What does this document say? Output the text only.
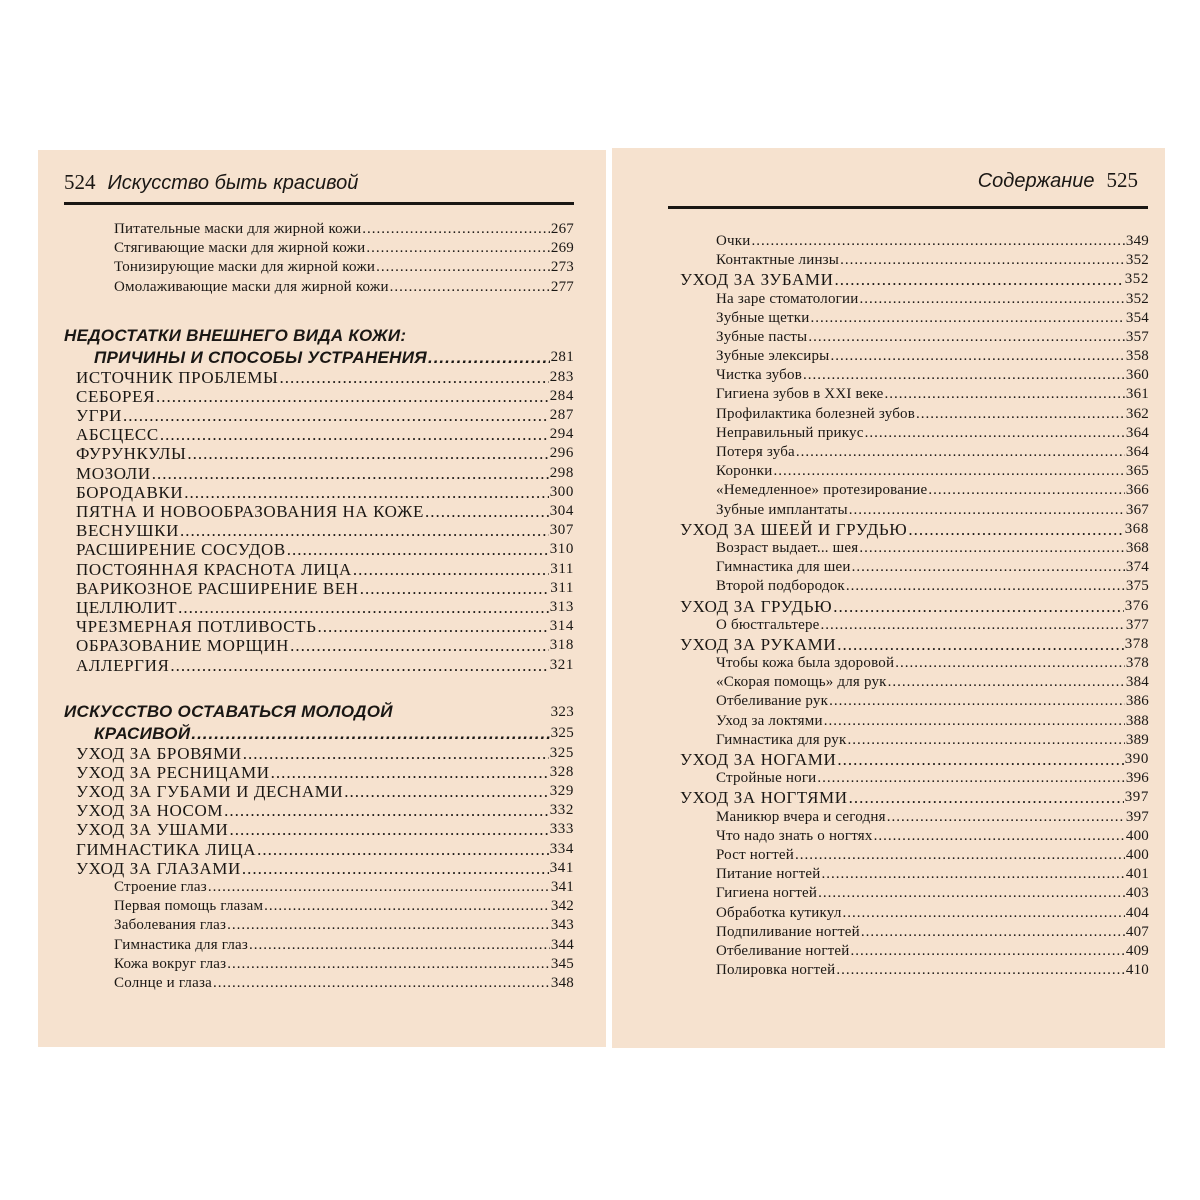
524 Искусство быть красивой
Питательные маски для жирной кожи .....	267
Стягивающие маски для жирной кожи .....	269
Тонизирующие маски для жирной кожи .....	273
Омолаживающие маски для жирной кожи .....	277
НЕДОСТАТКИ ВНЕШНЕГО ВИДА КОЖИ:
ПРИЧИНЫ И СПОСОБЫ УСТРАНЕНИЯ .....	281
ИСТОЧНИК ПРОБЛЕМЫ .....	283
СЕБОРЕЯ .....	284
УГРИ .....	287
АБСЦЕСС .....	294
ФУРУНКУЛЫ .....	296
МОЗОЛИ .....	298
БОРОДАВКИ .....	300
ПЯТНА И НОВООБРАЗОВАНИЯ НА КОЖЕ .....	304
ВЕСНУШКИ .....	307
РАСШИРЕНИЕ СОСУДОВ .....	310
ПОСТОЯННАЯ КРАСНОТА ЛИЦА .....	311
ВАРИКОЗНОЕ РАСШИРЕНИЕ ВЕН .....	311
ЦЕЛЛЮЛИТ .....	313
ЧРЕЗМЕРНАЯ ПОТЛИВОСТЬ .....	314
ОБРАЗОВАНИЕ МОРЩИН .....	318
АЛЛЕРГИЯ .....	321
ИСКУССТВО ОСТАВАТЬСЯ МОЛОДОЙ	323
КРАСИВОЙ .....	325
УХОД ЗА БРОВЯМИ .....	325
УХОД ЗА РЕСНИЦАМИ .....	328
УХОД ЗА ГУБАМИ И ДЕСНАМИ .....	329
УХОД ЗА НОСОМ .....	332
УХОД ЗА УШАМИ .....	333
ГИМНАСТИКА ЛИЦА .....	334
УХОД ЗА ГЛАЗАМИ .....	341
Строение глаз .....	341
Первая помощь глазам .....	342
Заболевания глаз .....	343
Гимнастика для глаз .....	344
Кожа вокруг глаз .....	345
Солнце и глаза .....	348
Содержание 525
Очки .....	349
Контактные линзы .....	352
УХОД ЗА ЗУБАМИ .....	352
На заре стоматологии .....	352
Зубные щетки .....	354
Зубные пасты .....	357
Зубные элексиры .....	358
Чистка зубов .....	360
Гигиена зубов в XXI веке .....	361
Профилактика болезней зубов .....	362
Неправильный прикус .....	364
Потеря зуба .....	364
Коронки .....	365
«Немедленное» протезирование .....	366
Зубные имплантаты .....	367
УХОД ЗА ШЕЕЙ И ГРУДЬЮ .....	368
Возраст выдает... шея .....	368
Гимнастика для шеи .....	374
Второй подбородок .....	375
УХОД ЗА ГРУДЬЮ .....	376
О бюстгальтере .....	377
УХОД ЗА РУКАМИ .....	378
Чтобы кожа была здоровой .....	378
«Скорая помощь» для рук .....	384
Отбеливание рук .....	386
Уход за локтями .....	388
Гимнастика для рук .....	389
УХОД ЗА НОГАМИ .....	390
Стройные ноги .....	396
УХОД ЗА НОГТЯМИ .....	397
Маникюр вчера и сегодня .....	397
Что надо знать о ногтях .....	400
Рост ногтей .....	400
Питание ногтей .....	401
Гигиена ногтей .....	403
Обработка кутикул .....	404
Подпиливание ногтей .....	407
Отбеливание ногтей .....	409
Полировка ногтей .....	410
